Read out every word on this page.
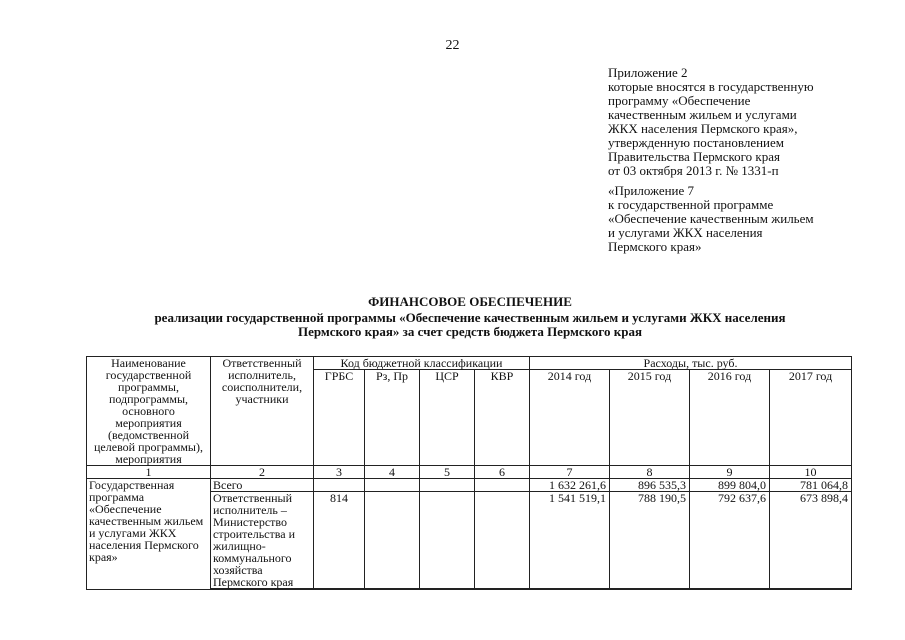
22
Приложение 2
которые вносятся в государственную
программу «Обеспечение
качественным жильем и услугами
ЖКХ населения Пермского края»,
утвержденную постановлением
Правительства Пермского края
от 03 октября 2013 г. № 1331-п
«Приложение 7
к государственной программе
«Обеспечение качественным жильем
и услугами ЖКХ населения
Пермского края»
ФИНАНСОВОЕ ОБЕСПЕЧЕНИЕ
реализации государственной программы «Обеспечение качественным жильем и услугами ЖКХ населения
Пермского края» за счет средств бюджета Пермского края
Наименование государственной программы, подпрограммы, основного мероприятия (ведомственной целевой программы), мероприятия	Ответственный исполнитель, соисполнители, участники	Код бюджетной классификации				Расходы, тыс. руб.			
		ГРБС	Рз, Пр	ЦСР	КВР	2014 год	2015 год	2016 год	2017 год
1	2	3	4	5	6	7	8	9	10
Государственная программа «Обеспечение качественным жильем и услугами ЖКХ населения Пермского края»	Всего					1 632 261,6	896 535,3	899 804,0	781 064,8
	Ответственный исполнитель – Министерство строительства и жилищно-коммунального хозяйства Пермского края	814				1 541 519,1	788 190,5	792 637,6	673 898,4
